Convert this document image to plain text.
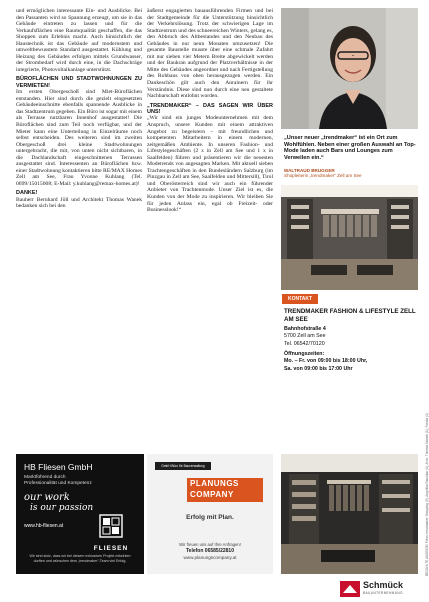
und ermöglichen interessante Ein- und Ausblicke. Bei den Passanten wird so Spannung erzeugt, um sie in das Gebäude eintreten zu lassen und für die Verkaufsflächen eine Raumqualität geschaffen, die das Shoppen zum Erlebnis macht. Auch hinsichtlich der Haustechnik ist das Gebäude auf modernstem und umweltbewusstem Standard ausgestattet. Kühlung und Heizung des Gebäudes erfolgen mittels Grundwasser, der Strombedarf wird durch eine, in die Dachschräge integrierte, Photovoltaikanlage unterstützt.

BÜROFLÄCHEN UND STADTWOHNUNGEN ZU VERMIETEN!

Im ersten Obergeschoß sind Miet-Büroflächen entstanden. Hier sind durch die gezielt eingesetzten Gebäudeeinschnitte ebenfalls spannende Ausblicke in das Stadtzentrum gegeben. Ein Büro ist sogar mit einem als Terrasse nutzbaren Innenhof ausgestattet! Die Büroflächen sind zum Teil noch verfügbar, und der Mieter kann eine Unterteilung in Einzelräume noch selbst entscheiden. Des weiteren sind im zweiten Obergeschoß drei kleine Stadtwohnungen untergebracht, die mit, von unten nicht sichtbaren, in die Dachlandschaft eingeschnittenen Terrassen ausgestattet sind. Interessenten an Büroflächen bzw. einer Stadtwohnung kontaktieren bitte RE/MAX Homes Zell am See, Frau Yvonne Kuhlang (Tel. 0699/15015008; E-Mail: y.kuhlang@remax-homes.at)!

DANKE!

Bauherr Bernhard Jöll und Architekt Thomas Wanek bedanken sich bei den

äußerst engagierten bauausführenden Firmen und bei der Stadtgemeinde für die Unterstützung hinsichtlich der Verkehrslösung. Trotz der schwierigen Lage im Stadtzentrum und des schneereichen Winters, gelang es, den Abbruch des Altbestandes und den Neubau des Gebäudes in nur neun Monaten umzusetzen! Die gesamte Baustelle musste über eine schmale Zufahrt mit nur sieben vier Metern Breite abgewickelt werden und der Baukran aufgrund der Platzverhältnisse in der Mitte des Gebäudes angeordnet und nach Fertigstellung des Rohbaus von oben herausgezogen werden. Ein Dankeschön gilt auch den Anrainern für ihr Verständnis. Diese sind nun durch eine neu gestaltete Nachbarschaft entlohnt worden.

„TRENDMAKER“ – DAS SAGEN WIR ÜBER UNS!

„Wir sind ein junges Modeunternehmen mit dem Anspruch, unsere Kunden mit einem attraktiven Angebot zu begeistern – mit freundlichen und kompetenten Mitarbeitern in einem modernen, zeitgemäßen Ambiente. In unseren Fashion- und Lifestylegeschäften (2 x in Zell am See und 1 x in Saalfelden) führen und präsentieren wir die neuesten Modetrends von angesagten Marken. Mit aktuell sieben Trachtengeschäften in den Bundesländern Salzburg (im Pinzgau in Zell am See, Saalfelden und Mittersill), Tirol und Oberösterreich sind wir auch ein führender Anbieter von Trachtenmode. Unser Ziel ist es, die Kunden von der Mode zu inspirieren. Wir bleiben Sie für jeden Anlass ein, egal ob Freizeit- oder Businesslook!“

„Unser neuer „trendmaker“ ist ein Ort zum Wohlfühlen. Neben einer großen Auswahl an Top-Mode laden auch Bars und Lounges zum Verweilen ein.“
WALTRAUD BRUGGER
Shopleiterin „trendmaker“ Zell am See
KONTAKT
TRENDMAKER FASHION & LIFESTYLE ZELL AM SEE
Bahnhofstraße 4
5700 Zell am See
Tel. 06542/70120
Öffnungszeiten:
Mo. – Fr. von 09:00 bis 18:00 Uhr,
Sa. von 09:00 bis 17:00 Uhr
HB Fliesen GmbH
Marktführend durch
Professionalität und Kompetenz
our work
is our passion
www.hb-fliesen.at
FLIESEN
Wir sind stolz, dass wir bei diesem exklusiven Projekt mitwirken durften und wünschen dem „trendmaker“-Team viel Erfolg.
GmbH Büro für Bauverwaltung
PLANUNGS
COMPANY
Erfolg mit Plan.
Wir freuen uns auf Ihre Anfragen!
Telefon 06585/22810
www.planungscompany.at	BEZAHLTE ANZEIGE/ Fotos: trendmaker Shopping (3), Angelika Raunikar (1), Arch. Thomas Wanek (1), Fotolia (1)
Schmück
BAUUNTERNEHMUNG
